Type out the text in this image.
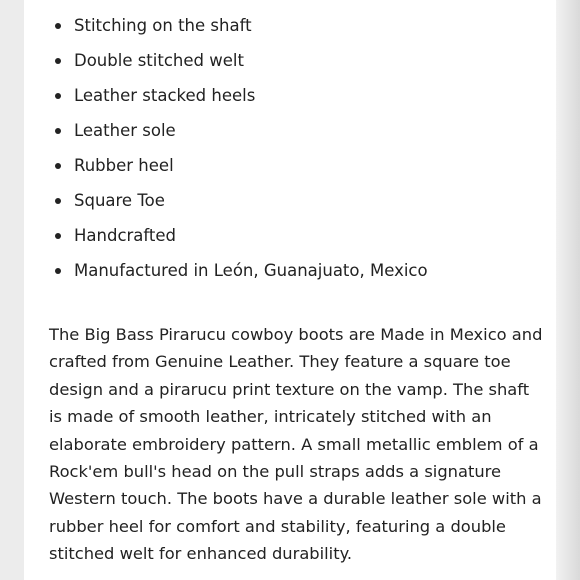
Stitching on the shaft
Double stitched welt
Leather stacked heels
Leather sole
Rubber heel
Square Toe
Handcrafted
Manufactured in León, Guanajuato, Mexico

The Big Bass Pirarucu cowboy boots are Made in Mexico and crafted from Genuine Leather. They feature a square toe design and a pirarucu print texture on the vamp. The shaft is made of smooth leather, intricately stitched with an elaborate embroidery pattern. A small metallic emblem of a Rock'em bull's head on the pull straps adds a signature Western touch. The boots have a durable leather sole with a rubber heel for comfort and stability, featuring a double stitched welt for enhanced durability.
